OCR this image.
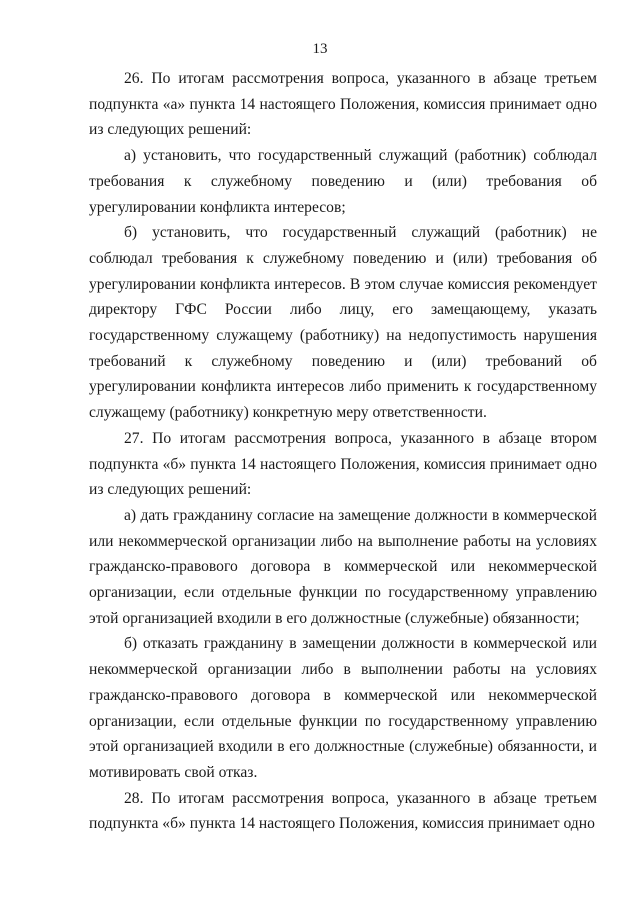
13

26. По итогам рассмотрения вопроса, указанного в абзаце третьем подпункта «а» пункта 14 настоящего Положения, комиссия принимает одно из следующих решений:

а) установить, что государственный служащий (работник) соблюдал требования к служебному поведению и (или) требования об урегулировании конфликта интересов;

б) установить, что государственный служащий (работник) не соблюдал требования к служебному поведению и (или) требования об урегулировании конфликта интересов. В этом случае комиссия рекомендует директору ГФС России либо лицу, его замещающему, указать государственному служащему (работнику) на недопустимость нарушения требований к служебному поведению и (или) требований об урегулировании конфликта интересов либо применить к государственному служащему (работнику) конкретную меру ответственности.

27. По итогам рассмотрения вопроса, указанного в абзаце втором подпункта «б» пункта 14 настоящего Положения, комиссия принимает одно из следующих решений:

а) дать гражданину согласие на замещение должности в коммерческой или некоммерческой организации либо на выполнение работы на условиях гражданско-правового договора в коммерческой или некоммерческой организации, если отдельные функции по государственному управлению этой организацией входили в его должностные (служебные) обязанности;

б) отказать гражданину в замещении должности в коммерческой или некоммерческой организации либо в выполнении работы на условиях гражданско-правового договора в коммерческой или некоммерческой организации, если отдельные функции по государственному управлению этой организацией входили в его должностные (служебные) обязанности, и мотивировать свой отказ.

28. По итогам рассмотрения вопроса, указанного в абзаце третьем подпункта «б» пункта 14 настоящего Положения, комиссия принимает одно
